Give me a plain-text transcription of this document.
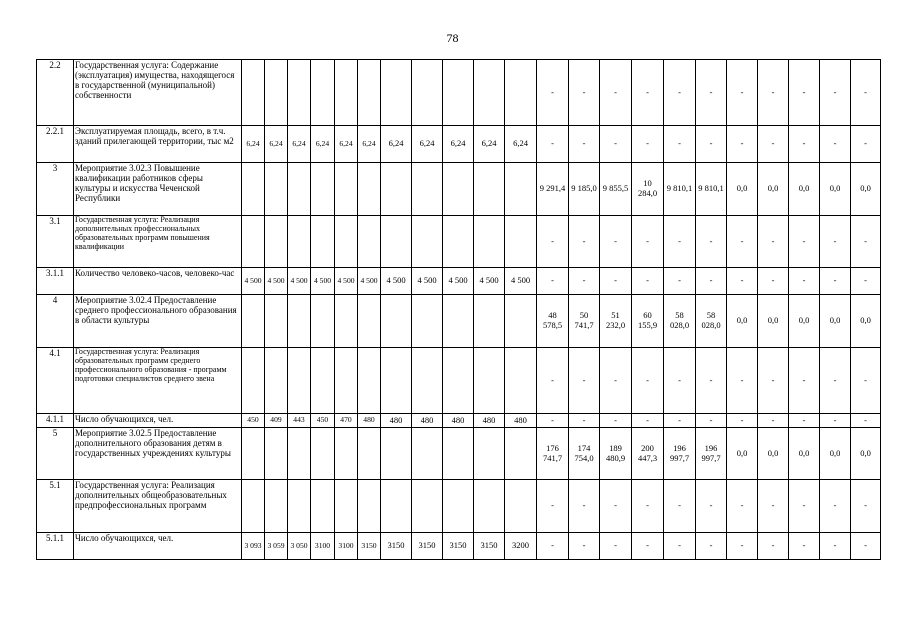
78
2.2	Государственная услуга: Содержание (эксплуатация) имущества, находящегося в государственной (муниципальной) собственности												-	-	-	-	-	-	-	-	-	-	-
2.2.1	Эксплуатируемая площадь, всего, в т.ч. зданий прилегающей территории, тыс м2	6,24	6,24	6,24	6,24	6,24	6,24	6,24	6,24	6,24	6,24	6,24	-	-	-	-	-	-	-	-	-	-	-
3	Мероприятие 3.02.3 Повышение квалификации работников сферы культуры и искусства Чеченской Республики												9 291,4	9 185,0	9 855,5	10 284,0	9 810,1	9 810,1	0,0	0,0	0,0	0,0	0,0
3.1	Государственная услуга: Реализация дополнительных профессиональных образовательных программ повышения квалификации												-	-	-	-	-	-	-	-	-	-	-
3.1.1	Количество человеко-часов, человеко-час	4 500	4 500	4 500	4 500	4 500	4 500	4 500	4 500	4 500	4 500	4 500	-	-	-	-	-	-	-	-	-	-	-
4	Мероприятие 3.02.4 Предоставление среднего профессионального образования в области культуры												48 578,5	50 741,7	51 232,0	60 155,9	58 028,0	58 028,0	0,0	0,0	0,0	0,0	0,0
4.1	Государственная услуга: Реализация образовательных программ среднего профессионального образования - программ подготовки специалистов среднего звена												-	-	-	-	-	-	-	-	-	-	-
4.1.1	Число обучающихся, чел.	450	409	443	450	470	480	480	480	480	480	480	-	-	-	-	-	-	-	-	-	-	-
5	Мероприятие 3.02.5 Предоставление дополнительного образования детям в государственных учреждениях культуры												176 741,7	174 754,0	189 480,9	200 447,3	196 997,7	196 997,7	0,0	0,0	0,0	0,0	0,0
5.1	Государственная услуга: Реализация дополнительных общеобразовательных предпрофессиональных программ												-	-	-	-	-	-	-	-	-	-	-
5.1.1	Число обучающихся, чел.	3 093	3 059	3 050	3100	3100	3150	3150	3150	3150	3150	3200	-	-	-	-	-	-	-	-	-	-	-
